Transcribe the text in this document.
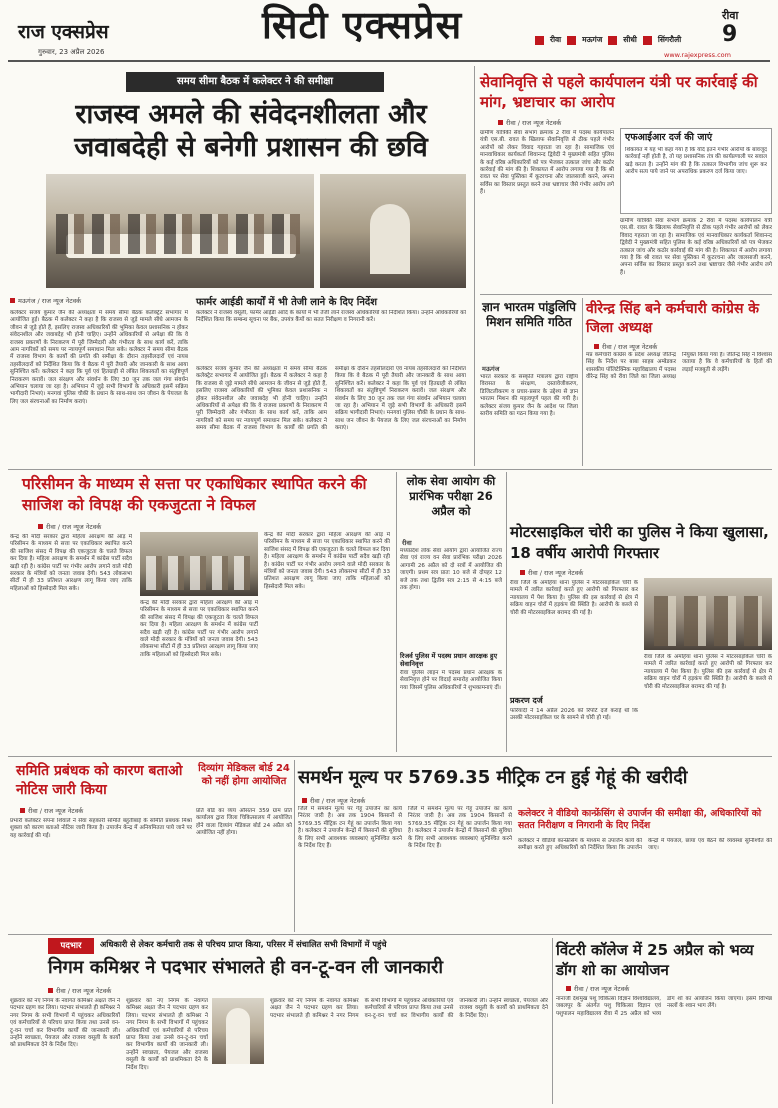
राज एक्सप्रेस
गुरुवार, 23 अप्रैल 2026
सिटी एक्सप्रेस	रीवा	मऊगंज	सीधी	सिंगरौली
रीवा
9
www.rajexpress.com
समय सीमा बैठक में कलेक्टर ने की समीक्षा
राजस्व अमले की संवेदनशीलता और जवाबदेही से बनेगी प्रशासन की छवि
फार्मर आईडी कार्यों में भी तेजी लाने के दिए निर्देश
मऊगंज / राज न्यूज नेटवर्क
कलेक्टर ने राजस्व वसूली, फार्मर आईडी आदि के कार्यों में भी तेजी लाने राजस्व अधिकारियों को निर्देशित किया। उन्होंने अधिकारियों को निर्देशित किया कि सम्बन्ध सूचना पर बैंक, उपयंत्र कैंपों का सतत निरीक्षण व निगरानी करें।
कलेक्टर संजय कुमार जैन की अध्यक्षता में समय सीमा बैठक कलेक्ट्रेट सभागार में आयोजित हुई। बैठक में कलेक्टर ने कहा है कि राजस्व से जुड़े मामले सीधे आमजन के जीवन से जुड़े होते हैं, इसलिए राजस्व अधिकारियों की भूमिका केवल प्रशासनिक न होकर संवेदनशील और जवाबदेह भी होनी चाहिए। उन्होंने अधिकारियों से अपेक्षा की कि वे राजस्व प्रकरणों के निराकरण में पूरी जिम्मेदारी और गंभीरता के साथ कार्य करें, ताकि आम नागरिकों को समय पर न्यायपूर्ण समाधान मिल सके। कलेक्टर ने समय सीमा बैठक में राजस्व विभाग के कार्यों की प्रगति की समीक्षा के दौरान तहसीलदारों एवं नायब तहसीलदारों को निर्देशित किया कि वे बैठक में पूरी तैयारी और जानकारी के साथ आया सुनिश्चित करें। कलेक्टर ने कहा कि पूर्व एवं हितग्राही से लंबित शिकायतों का संतुष्टिपूर्ण निराकरण करावें। जल संरक्षण और संवर्धन के लिए 30 जून तक जल गंगा संवर्धन अभियान चलाया जा रहा है। अभियान में जुड़े सभी विभागों के अधिकारी इसमें सक्रिय भागीदारी निभाएं। मनगवां पुलिस चौकी के प्रधान के साथ-साथ जन जीवन के पेयजल के लिए जल संरचनाओं का निर्माण कराएं।
कलेक्टर संजय कुमार जैन की अध्यक्षता में समय सीमा बैठक कलेक्ट्रेट सभागार में आयोजित हुई। बैठक में कलेक्टर ने कहा है कि राजस्व से जुड़े मामले सीधे आमजन के जीवन से जुड़े होते हैं, इसलिए राजस्व अधिकारियों की भूमिका केवल प्रशासनिक न होकर संवेदनशील और जवाबदेह भी होनी चाहिए। उन्होंने अधिकारियों से अपेक्षा की कि वे राजस्व प्रकरणों के निराकरण में पूरी जिम्मेदारी और गंभीरता के साथ कार्य करें, ताकि आम नागरिकों को समय पर न्यायपूर्ण समाधान मिल सके। कलेक्टर ने समय सीमा बैठक में राजस्व विभाग के कार्यों की प्रगति की समीक्षा के दौरान तहसीलदारों एवं नायब तहसीलदारों को निर्देशित किया कि वे बैठक में पूरी तैयारी और जानकारी के साथ आया सुनिश्चित करें। कलेक्टर ने कहा कि पूर्व एवं हितग्राही से लंबित शिकायतों का संतुष्टिपूर्ण निराकरण करावें। जल संरक्षण और संवर्धन के लिए 30 जून तक जल गंगा संवर्धन अभियान चलाया जा रहा है। अभियान में जुड़े सभी विभागों के अधिकारी इसमें सक्रिय भागीदारी निभाएं। मनगवां पुलिस चौकी के प्रधान के साथ-साथ जन जीवन के पेयजल के लिए जल संरचनाओं का निर्माण कराएं।
सेवानिवृत्ति से पहले कार्यपालन यंत्री पर कार्रवाई की मांग, भ्रष्टाचार का आरोप
रीवा / राज न्यूज नेटवर्क
एफआईआर दर्ज की जाएं
शिकायत में यह भी कहा गया है कि यदि इतने गंभीर आरोपों के बावजूद कार्रवाई नहीं होती है, तो यह प्रशासनिक तंत्र की कार्यप्रणाली पर सवाल खड़े करता है। उन्होंने मांग की है कि तत्काल विभागीय जांच शुरू कर आरोप सत्य पाये जाने पर अपराधिक प्रकरण दर्ज किया जाए।
ग्रामीण यांत्रिकी सेवा संभाग क्रमांक 2 रीवा में पदस्थ कार्यपालन यंत्री एस.बी. रावत के खिलाफ सेवानिवृत्ति से ठीक पहले गंभीर आरोपों को लेकर विवाद गहराता जा रहा है। सामाजिक एवं मानवाधिकार कार्यकर्ता शिवानन्द द्विवेदी ने मुख्यमंत्री सहित पुलिस के कई वरिष्ठ अधिकारियों को पत्र भेजकर तत्काल जांच और कठोर कार्रवाई की मांग की है। शिकायत में आरोप लगाया गया है कि श्री रावत पर सेवा पुस्तिका में कूटरचना और जालसाजी करने, अपना सर्विस का विस्तार प्रस्तुत करने तथा भ्रष्टाचार जैसे गंभीर आरोप लगे हैं।
ग्रामीण यांत्रिकी सेवा संभाग क्रमांक 2 रीवा में पदस्थ कार्यपालन यंत्री एस.बी. रावत के खिलाफ सेवानिवृत्ति से ठीक पहले गंभीर आरोपों को लेकर विवाद गहराता जा रहा है। सामाजिक एवं मानवाधिकार कार्यकर्ता शिवानन्द द्विवेदी ने मुख्यमंत्री सहित पुलिस के कई वरिष्ठ अधिकारियों को पत्र भेजकर तत्काल जांच और कठोर कार्रवाई की मांग की है। शिकायत में आरोप लगाया गया है कि श्री रावत पर सेवा पुस्तिका में कूटरचना और जालसाजी करने, अपना सर्विस का विस्तार प्रस्तुत करने तथा भ्रष्टाचार जैसे गंभीर आरोप लगे हैं।
ज्ञान भारतम पांडुलिपि मिशन समिति गठित
मऊगंज
भारत सरकार के संस्कृति मंत्रालय द्वारा राष्ट्रीय विरासत के संरक्षण, दस्तावेजीकरण, डिजिटलीकरण व प्रचार-प्रसार के उद्देश्य से ज्ञान भारतम मिशन की महत्वपूर्ण पहल की गयी है। कलेक्टर संजय कुमार जैन के आदेश पर जिला स्तरीय समिति का गठन किया गया है।
वीरेन्द्र सिंह बने कर्मचारी कांग्रेस के जिला अध्यक्ष
रीवा / राज न्यूज नेटवर्क
मप्र कर्मचारी कांग्रेस के प्रदेश अध्यक्ष जीतेन्द्र सिंह के निर्देश पर बाबा साहब अम्बेडकर शासकीय पॉलिटेक्निक महाविद्यालय में पदस्थ वीरेन्द्र सिंह को रीवा जिले का जिला अध्यक्ष नियुक्त किया गया है। जीतेन्द्र सिंह ने विश्वास जताया है कि वे कर्मचारियों के हितों की लड़ाई मजबूती से लड़ेंगे।
परिसीमन के माध्यम से सत्ता पर एकाधिकार स्थापित करने की साजिश को विपक्ष की एकजुटता ने विफल
रीवा / राज न्यूज नेटवर्क
केन्द्र की मोदी सरकार द्वारा महिला आरक्षण की आड़ में परिसीमन के माध्यम से सत्ता पर एकाधिकार स्थापित करने की साजिश संसद में विपक्ष की एकजुटता के चलते विफल कर दिया है। महिला आरक्षण के समर्थन में कांग्रेस पार्टी सदैव खड़ी रही है। कांग्रेस पार्टी पर गंभीर आरोप लगाने वाले मोदी सरकार के मंत्रियों को जनता जवाब देगी। 543 लोकसभा सीटों में ही 33 प्रतिशत आरक्षण लागू किया जाए ताकि महिलाओं को हिस्सेदारी मिल सके।
केन्द्र की मोदी सरकार द्वारा महिला आरक्षण की आड़ में परिसीमन के माध्यम से सत्ता पर एकाधिकार स्थापित करने की साजिश संसद में विपक्ष की एकजुटता के चलते विफल कर दिया है। महिला आरक्षण के समर्थन में कांग्रेस पार्टी सदैव खड़ी रही है। कांग्रेस पार्टी पर गंभीर आरोप लगाने वाले मोदी सरकार के मंत्रियों को जनता जवाब देगी। 543 लोकसभा सीटों में ही 33 प्रतिशत आरक्षण लागू किया जाए ताकि महिलाओं को हिस्सेदारी मिल सके।
केन्द्र की मोदी सरकार द्वारा महिला आरक्षण की आड़ में परिसीमन के माध्यम से सत्ता पर एकाधिकार स्थापित करने की साजिश संसद में विपक्ष की एकजुटता के चलते विफल कर दिया है। महिला आरक्षण के समर्थन में कांग्रेस पार्टी सदैव खड़ी रही है। कांग्रेस पार्टी पर गंभीर आरोप लगाने वाले मोदी सरकार के मंत्रियों को जनता जवाब देगी। 543 लोकसभा सीटों में ही 33 प्रतिशत आरक्षण लागू किया जाए ताकि महिलाओं को हिस्सेदारी मिल सके।
लोक सेवा आयोग की प्रारंभिक परीक्षा 26 अप्रैल को
रीवा
मध्यप्रदेश लोक सेवा आयोग द्वारा आयोजित राज्य सेवा एवं राज्य वन सेवा प्रारंभिक परीक्षा 2026 आगामी 26 अप्रैल को दो सत्रों में आयोजित की जाएगी। प्रथम सत्र प्रातः 10 बजे से दोपहर 12 बजे तक तथा द्वितीय सत्र 2:15 से 4:15 बजे तक होगा।
रिजर्व पुलिस में पदस्थ प्रधान आरक्षक हुए सेवानिवृत्त
रीवा पुलिस लाइन में पदस्थ प्रधान आरक्षक के सेवानिवृत्त होने पर विदाई समारोह आयोजित किया गया जिसमें पुलिस अधिकारियों ने शुभकामनाएं दीं।
मोटरसाइकिल चोरी का पुलिस ने किया खुलासा, 18 वर्षीय आरोपी गिरफ्तार
रीवा / राज न्यूज नेटवर्क
रीवा जिले के अमहिया थाना पुलिस ने मोटरसाइकिल चोरी के मामले में त्वरित कार्रवाई करते हुए आरोपी को गिरफ्तार कर न्यायालय में पेश किया है। पुलिस की इस कार्रवाई से क्षेत्र में सक्रिय वाहन चोरों में हड़कंप की स्थिति है। आरोपी के कब्जे से चोरी की मोटरसाइकिल बरामद की गई है।
प्रकरण दर्ज
फरियादी ने 14 अप्रैल 2026 को रिपोर्ट दर्ज कराई थी कि उसकी मोटरसाइकिल घर के सामने से चोरी हो गई।
रीवा जिले के अमहिया थाना पुलिस ने मोटरसाइकिल चोरी के मामले में त्वरित कार्रवाई करते हुए आरोपी को गिरफ्तार कर न्यायालय में पेश किया है। पुलिस की इस कार्रवाई से क्षेत्र में सक्रिय वाहन चोरों में हड़कंप की स्थिति है। आरोपी के कब्जे से चोरी की मोटरसाइकिल बरामद की गई है।
समिति प्रबंधक को कारण बताओ नोटिस जारी किया
रीवा / राज न्यूज नेटवर्क
प्रभारी कलेक्टर सपना शिवाले ने सेवा सहकारी समिति बहुतीबाई के समिति प्रबंधक मिश्रा शुक्ला को कारण बताओ नोटिस जारी किया है। उपार्जन केन्द्र में अनियमितता पाये जाने पर यह कार्रवाई की गई।
दिव्यांग मेडिकल बोर्ड 24 को नहीं होगा आयोजित
प्रति बोर्ड का व्यय औसतन 359 ग्राम प्रति कार्यालय द्वारा जिला चिकित्सालय में आयोजित होने वाला दिव्यांग मेडिकल बोर्ड 24 अप्रैल को आयोजित नहीं होगा।
समर्थन मूल्य पर 5769.35 मीट्रिक टन हुई गेहूं की खरीदी
रीवा / राज न्यूज नेटवर्क
जिले में समर्थन मूल्य पर गेहूं उपार्जन का कार्य निरंतर जारी है। अब तक 1904 किसानों से 5769.35 मीट्रिक टन गेहूं का उपार्जन किया गया है। कलेक्टर ने उपार्जन केन्द्रों में किसानों की सुविधा के लिए सभी आवश्यक व्यवस्थाएं सुनिश्चित करने के निर्देश दिए हैं।
जिले में समर्थन मूल्य पर गेहूं उपार्जन का कार्य निरंतर जारी है। अब तक 1904 किसानों से 5769.35 मीट्रिक टन गेहूं का उपार्जन किया गया है। कलेक्टर ने उपार्जन केन्द्रों में किसानों की सुविधा के लिए सभी आवश्यक व्यवस्थाएं सुनिश्चित करने के निर्देश दिए हैं।
कलेक्टर ने वीडियो कान्फ्रेंसिंग से उपार्जन की समीक्षा की, अधिकारियों को सतत निरीक्षण व निगरानी के दिए निर्देश
कलेक्टर ने वीडियो कान्फ्रेंसिंग के माध्यम से उपार्जन कार्य की समीक्षा करते हुए अधिकारियों को निर्देशित किया कि उपार्जन केन्द्रों में पेयजल, छाया एवं बैठने की व्यवस्था सुनिश्चित की जाए।
पदभार	अधिकारी से लेकर कर्मचारी तक से परिचय प्राप्त किया, परिसर में संचालित सभी विभागों में पहुंचे
निगम कमिश्नर ने पदभार संभालते ही वन-टू-वन ली जानकारी
रीवा / राज न्यूज नेटवर्क
शुक्रवार को नए निगम के नवागत कमिश्नर अक्षत जैन ने पदभार ग्रहण कर लिया। पदभार संभालते ही कमिश्नर ने नगर निगम के सभी विभागों में पहुंचकर अधिकारियों एवं कर्मचारियों से परिचय प्राप्त किया तथा उनसे वन-टू-वन चर्चा कर विभागीय कार्यों की जानकारी ली। उन्होंने स्वच्छता, पेयजल और राजस्व वसूली के कार्यों को प्राथमिकता देने के निर्देश दिए।
शुक्रवार को नए निगम के नवागत कमिश्नर अक्षत जैन ने पदभार ग्रहण कर लिया। पदभार संभालते ही कमिश्नर ने नगर निगम के सभी विभागों में पहुंचकर अधिकारियों एवं कर्मचारियों से परिचय प्राप्त किया तथा उनसे वन-टू-वन चर्चा कर विभागीय कार्यों की जानकारी ली। उन्होंने स्वच्छता, पेयजल और राजस्व वसूली के कार्यों को प्राथमिकता देने के निर्देश दिए।
शुक्रवार को नए निगम के नवागत कमिश्नर अक्षत जैन ने पदभार ग्रहण कर लिया। पदभार संभालते ही कमिश्नर ने नगर निगम के सभी विभागों में पहुंचकर अधिकारियों एवं कर्मचारियों से परिचय प्राप्त किया तथा उनसे वन-टू-वन चर्चा कर विभागीय कार्यों की जानकारी ली। उन्होंने स्वच्छता, पेयजल और राजस्व वसूली के कार्यों को प्राथमिकता देने के निर्देश दिए।
विंटरी कॉलेज में 25 अप्रैल को भव्य डॉग शो का आयोजन
रीवा / राज न्यूज नेटवर्क
नानाजी देशमुख पशु चिकित्सा विज्ञान विश्वविद्यालय, जबलपुर के अंतर्गत पशु चिकित्सा विज्ञान एवं पशुपालन महाविद्यालय रीवा में 25 अप्रैल को भव्य डॉग शो का आयोजन किया जाएगा। इसमें विभिन्न नस्लों के श्वान भाग लेंगे।
